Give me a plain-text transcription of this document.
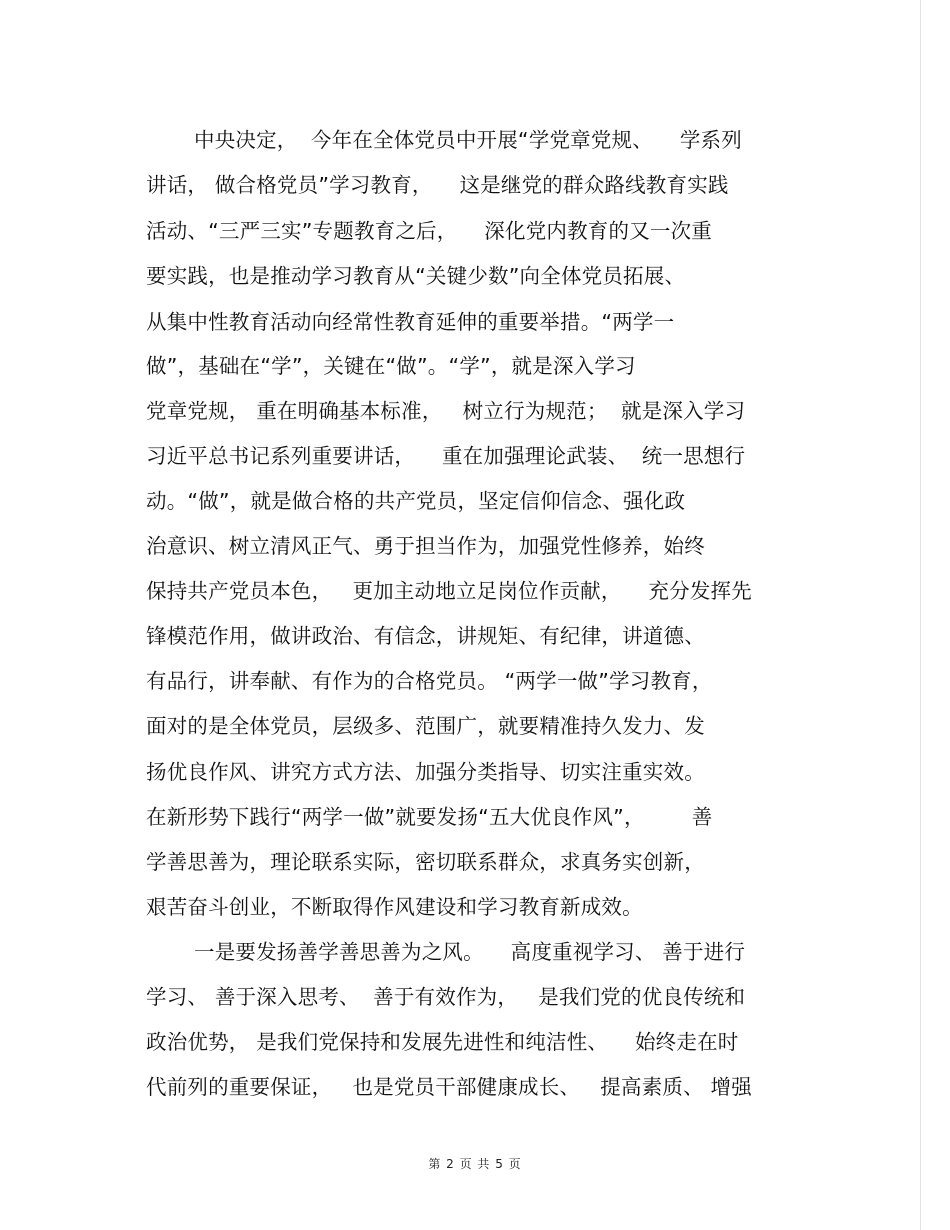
中央决定，  今年在全体党员中开展“学党章党规、    学系列
讲话， 做合格党员”学习教育，    这是继党的群众路线教育实践
活动、“三严三实”专题教育之后，    深化党内教育的又一次重
要实践，也是推动学习教育从“关键少数”向全体党员拓展、
从集中性教育活动向经常性教育延伸的重要举措。“两学一
做”，基础在“学”，关键在“做”。“学”，就是深入学习
党章党规， 重在明确基本标准，   树立行为规范；  就是深入学习
习近平总书记系列重要讲话，    重在加强理论武装、  统一思想行
动。“做”，就是做合格的共产党员，坚定信仰信念、强化政
治意识、树立清风正气、勇于担当作为，加强党性修养，始终
保持共产党员本色，   更加主动地立足岗位作贡献，    充分发挥先
锋模范作用，做讲政治、有信念，讲规矩、有纪律，讲道德、
有品行，讲奉献、有作为的合格党员。 “两学一做”学习教育，
面对的是全体党员，层级多、范围广，就要精准持久发力、发
扬优良作风、讲究方式方法、加强分类指导、切实注重实效。
在新形势下践行“两学一做”就要发扬“五大优良作风”，       善
学善思善为，理论联系实际，密切联系群众，求真务实创新，
艰苦奋斗创业，不断取得作风建设和学习教育新成效。
一是要发扬善学善思善为之风。    高度重视学习、 善于进行
学习、 善于深入思考、  善于有效作为，   是我们党的优良传统和
政治优势， 是我们党保持和发展先进性和纯洁性、    始终走在时
代前列的重要保证，   也是党员干部健康成长、   提高素质、 增强
第 2 页 共 5 页
